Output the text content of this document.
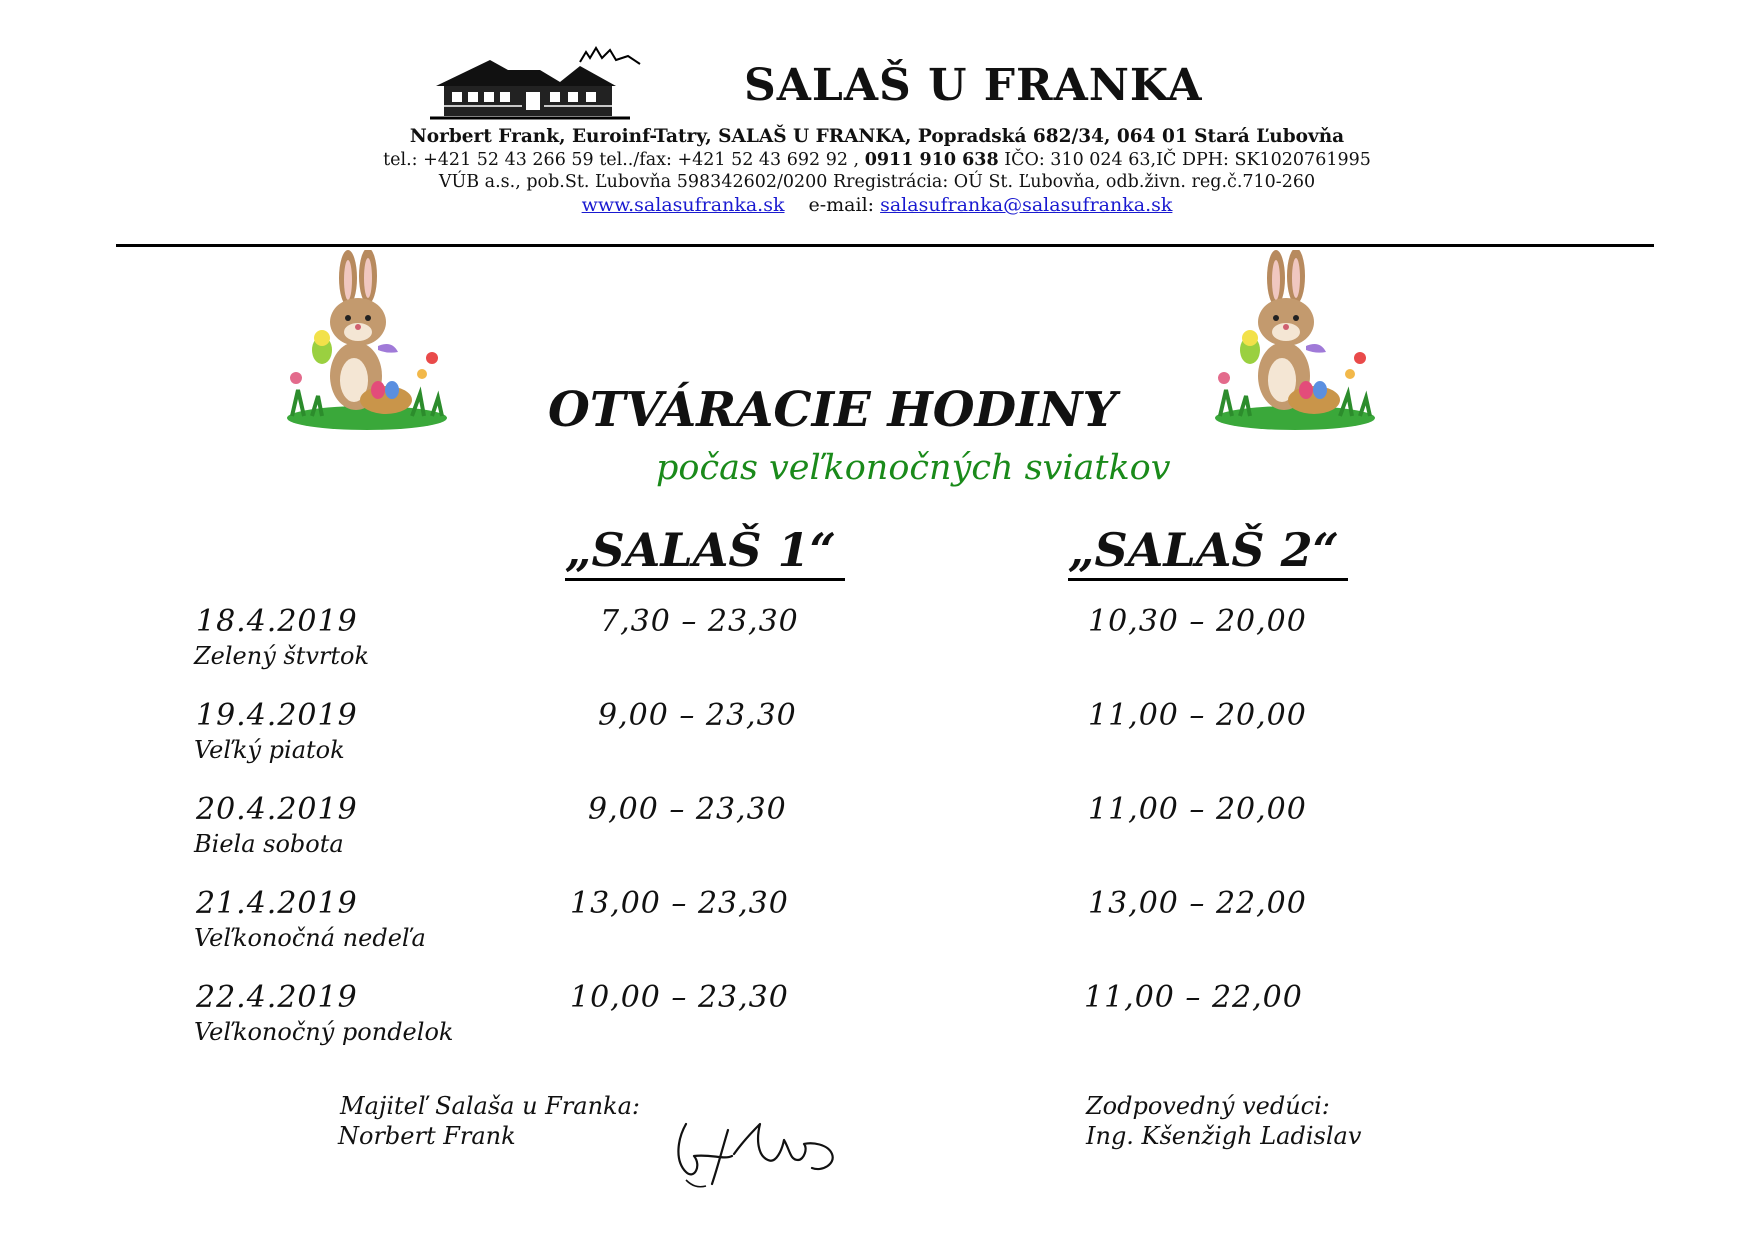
SALAŠ U FRANKA
Norbert Frank, Euroinf-Tatry, SALAŠ U FRANKA, Popradská 682/34, 064 01 Stará Ľubovňa
tel.: +421 52 43 266 59 tel../fax: +421 52 43 692 92 , 0911 910 638 IČO: 310 024 63,IČ DPH: SK1020761995
VÚB a.s., pob.St. Ľubovňa 598342602/0200 Rregistrácia: OÚ St. Ľubovňa, odb.živn. reg.č.710-260
www.salasufranka.sk e-mail: salasufranka@salasufranka.sk
OTVÁRACIE HODINY
počas veľkonočných sviatkov
„SALAŠ 1“	„SALAŠ 2“
18.4.2019
Zelený štvrtok
7,30 – 23,30	10,30 – 20,00
19.4.2019
Veľký piatok
9,00 – 23,30	11,00 – 20,00
20.4.2019
Biela sobota
9,00 – 23,30	11,00 – 20,00
21.4.2019
Veľkonočná nedeľa
13,00 – 23,30	13,00 – 22,00
22.4.2019
Veľkonočný pondelok
10,00 – 23,30	11,00 – 22,00
Majiteľ Salaša u Franka:
Norbert Frank
Zodpovedný vedúci:
Ing. Kšenžigh Ladislav
